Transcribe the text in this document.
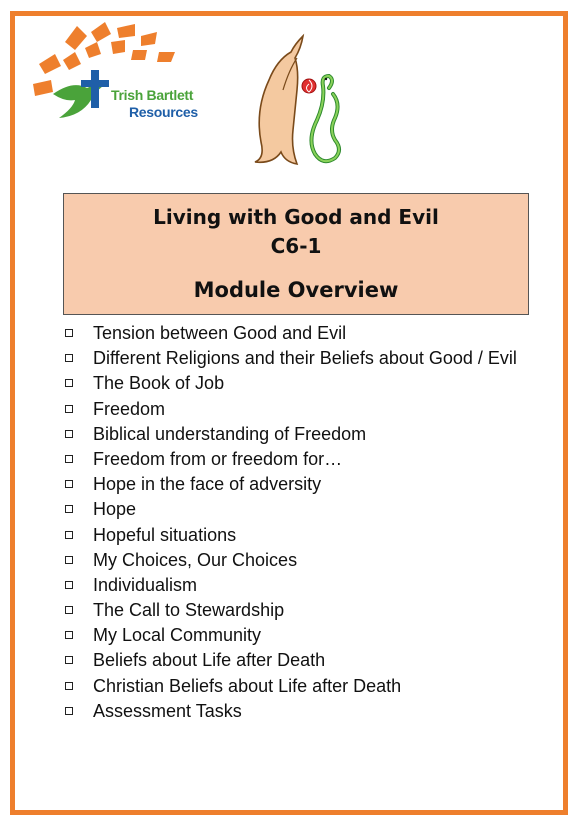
Trish Bartlett
Resources
Living with Good and Evil
C6-1
Module Overview
Tension between Good and Evil
Different Religions and their Beliefs about Good / Evil
The Book of Job
Freedom
Biblical understanding of Freedom
Freedom from or freedom for…
Hope in the face of adversity
Hope
Hopeful situations
My Choices, Our Choices
Individualism
The Call to Stewardship
My Local Community
Beliefs about Life after Death
Christian Beliefs about Life after Death
Assessment Tasks
